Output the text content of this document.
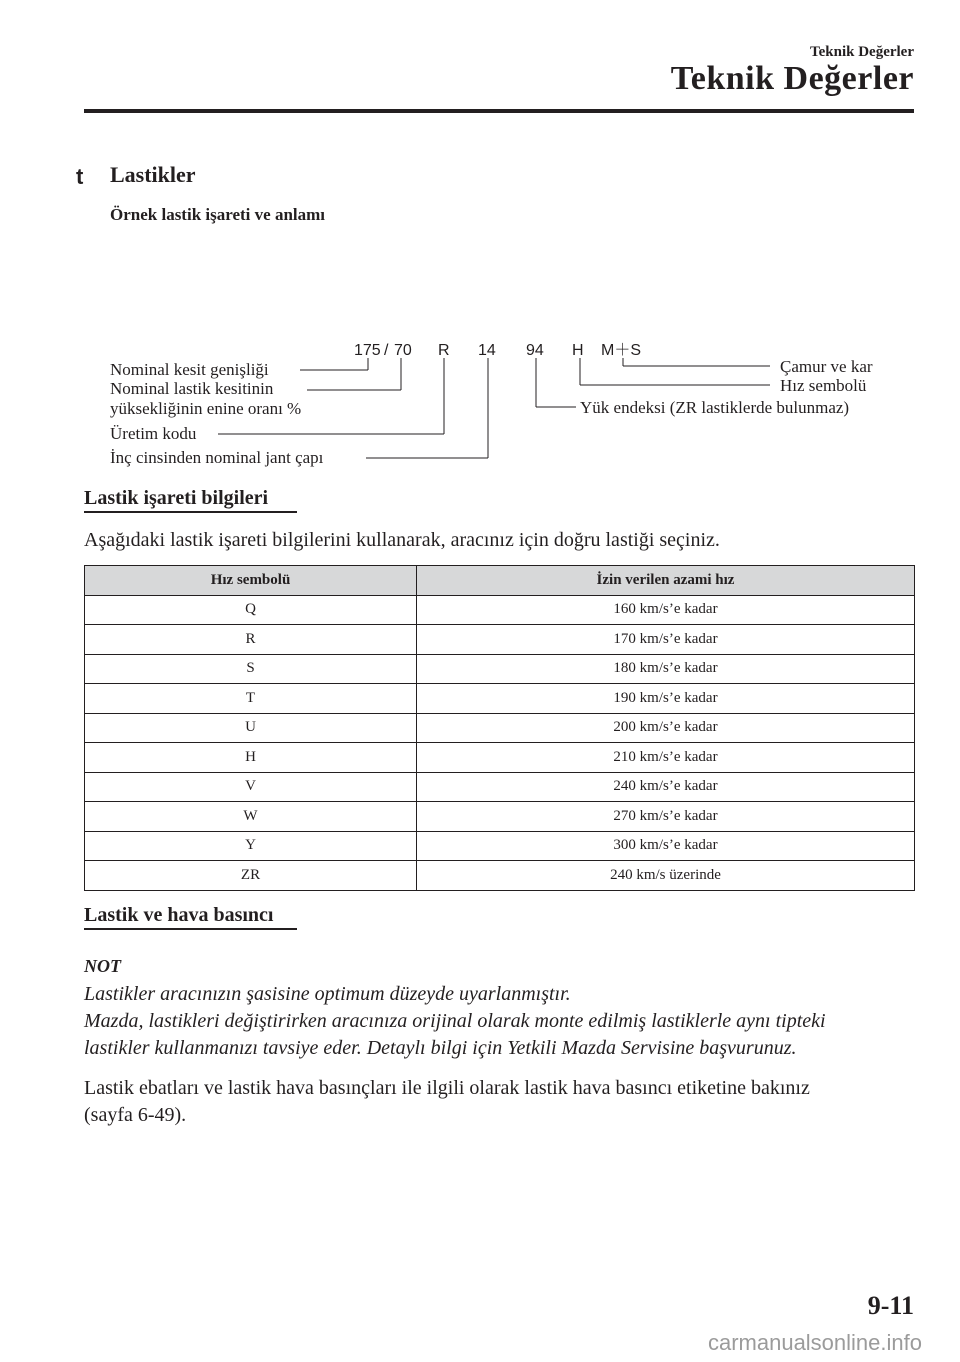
Teknik Değerler
Teknik Değerler
t Lastikler
Örnek lastik işareti ve anlamı
175 / 70 R 14 94 H M＋S
Nominal kesit genişliği
Nominal lastik kesitinin
yüksekliğinin enine oranı %
Üretim kodu
İnç cinsinden nominal jant çapı
Çamur ve kar
Hız sembolü
Yük endeksi (ZR lastiklerde bulunmaz)
Lastik işareti bilgileri
Aşağıdaki lastik işareti bilgilerini kullanarak, aracınız için doğru lastiği seçiniz.
Hız sembolü	İzin verilen azami hız
Q	160 km/s’e kadar
R	170 km/s’e kadar
S	180 km/s’e kadar
T	190 km/s’e kadar
U	200 km/s’e kadar
H	210 km/s’e kadar
V	240 km/s’e kadar
W	270 km/s’e kadar
Y	300 km/s’e kadar
ZR	240 km/s üzerinde
Lastik ve hava basıncı
NOT
Lastikler aracınızın şasisine optimum düzeyde uyarlanmıştır.
Mazda, lastikleri değiştirirken aracınıza orijinal olarak monte edilmiş lastiklerle aynı tipteki
lastikler kullanmanızı tavsiye eder. Detaylı bilgi için Yetkili Mazda Servisine başvurunuz.
Lastik ebatları ve lastik hava basınçları ile ilgili olarak lastik hava basıncı etiketine bakınız
(sayfa 6-49).
9-11
carmanualsonline.info
